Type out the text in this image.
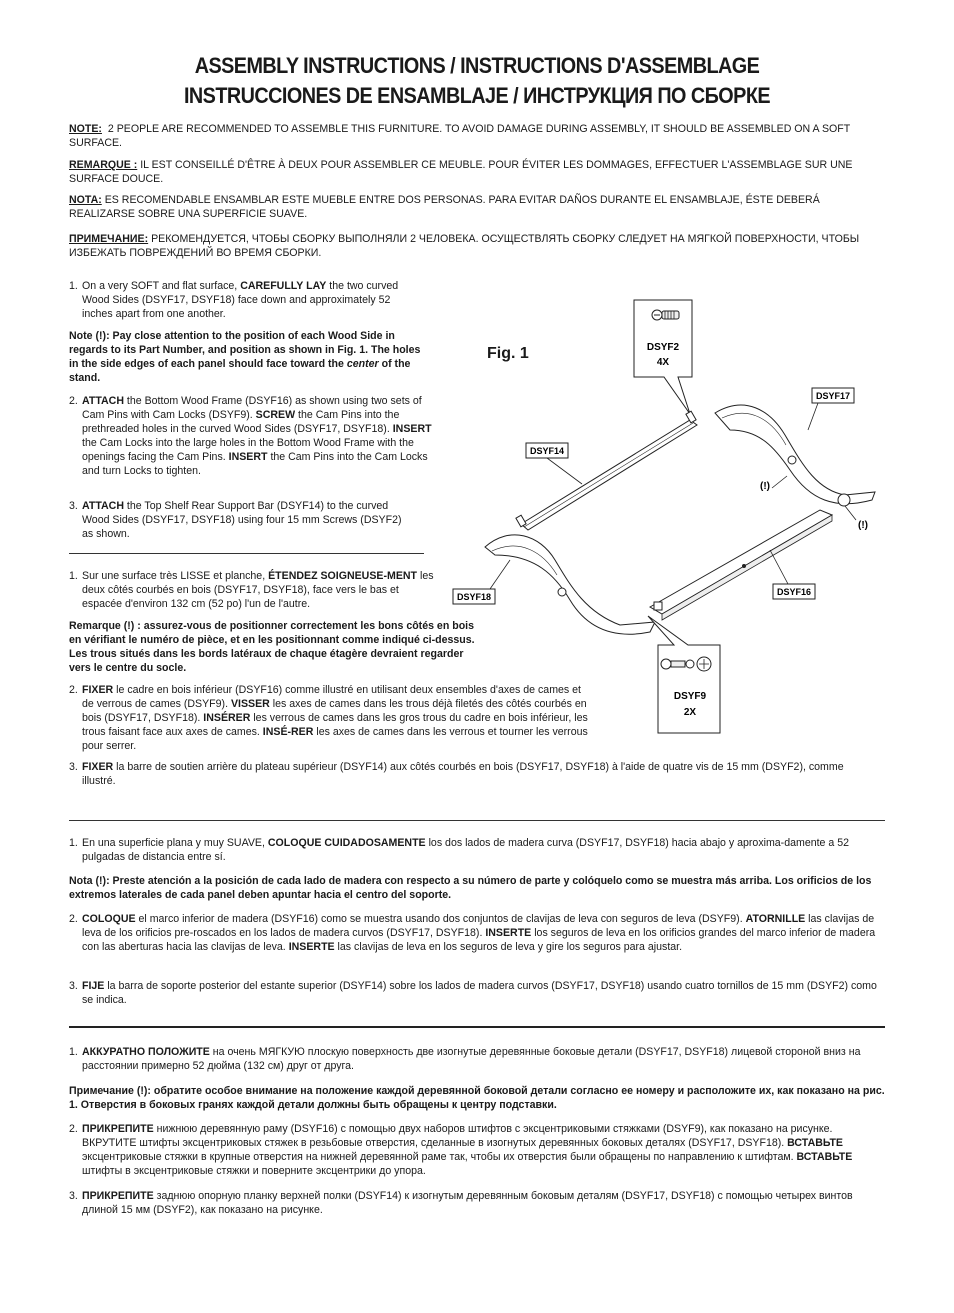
ASSEMBLY INSTRUCTIONS / INSTRUCTIONS D'ASSEMBLAGE
INSTRUCCIONES DE ENSAMBLAJE / ИНСТРУКЦИЯ ПО СБОРКЕ
NOTE: 2 PEOPLE ARE RECOMMENDED TO ASSEMBLE THIS FURNITURE. TO AVOID DAMAGE DURING ASSEMBLY, IT SHOULD BE ASSEMBLED ON A SOFT SURFACE.
REMARQUE : IL EST CONSEILLÉ D'ÊTRE À DEUX POUR ASSEMBLER CE MEUBLE. POUR ÉVITER LES DOMMAGES, EFFECTUER L'ASSEMBLAGE SUR UNE SURFACE DOUCE.
NOTA: ES RECOMENDABLE ENSAMBLAR ESTE MUEBLE ENTRE DOS PERSONAS. PARA EVITAR DAÑOS DURANTE EL ENSAMBLAJE, ÉSTE DEBERÁ REALIZARSE SOBRE UNA SUPERFICIE SUAVE.
ПРИМЕЧАНИЕ: РЕКОМЕНДУЕТСЯ, ЧТОБЫ СБОРКУ ВЫПОЛНЯЛИ 2 ЧЕЛОВЕКА. ОСУЩЕСТВЛЯТЬ СБОРКУ СЛЕДУЕТ НА МЯГКОЙ ПОВЕРХНОСТИ, ЧТОБЫ ИЗБЕЖАТЬ ПОВРЕЖДЕНИЙ ВО ВРЕМЯ СБОРКИ.
1. On a very SOFT and flat surface, CAREFULLY LAY the two curved Wood Sides (DSYF17, DSYF18) face down and approximately 52 inches apart from one another.
Note (!): Pay close attention to the position of each Wood Side in regards to its Part Number, and position as shown in Fig. 1. The holes in the side edges of each panel should face toward the center of the stand.
2. ATTACH the Bottom Wood Frame (DSYF16) as shown using two sets of Cam Pins with Cam Locks (DSYF9). SCREW the Cam Pins into the prethreaded holes in the curved Wood Sides (DSYF17, DSYF18). INSERT the Cam Locks into the large holes in the Bottom Wood Frame with the openings facing the Cam Pins. INSERT the Cam Pins into the Cam Locks and turn Locks to tighten.
3. ATTACH the Top Shelf Rear Support Bar (DSYF14) to the curved Wood Sides (DSYF17, DSYF18) using four 15 mm Screws (DSYF2) as shown.
1. Sur une surface très LISSE et planche, ÉTENDEZ SOIGNEUSE-MENT les deux côtés courbés en bois (DSYF17, DSYF18), face vers le bas et espacée d'environ 132 cm (52 po) l'un de l'autre.
Remarque (!) : assurez-vous de positionner correctement les bons côtés en bois en vérifiant le numéro de pièce, et en les positionnant comme indiqué ci-dessus. Les trous situés dans les bords latéraux de chaque étagère devraient regarder vers le centre du socle.
2. FIXER le cadre en bois inférieur (DSYF16) comme illustré en utilisant deux ensembles d'axes de cames et de verrous de cames (DSYF9). VISSER les axes de cames dans les trous déjà filetés des côtés courbés en bois (DSYF17, DSYF18). INSÉRER les verrous de cames dans les gros trous du cadre en bois inférieur, les trous faisant face aux axes de cames. INSÉ-RER les axes de cames dans les verrous et tourner les verrous pour serrer.
3. FIXER la barre de soutien arrière du plateau supérieur (DSYF14) aux côtés courbés en bois (DSYF17, DSYF18) à l'aide de quatre vis de 15 mm (DSYF2), comme illustré.
1. En una superficie plana y muy SUAVE, COLOQUE CUIDADOSAMENTE los dos lados de madera curva (DSYF17, DSYF18) hacia abajo y aproxima-damente a 52 pulgadas de distancia entre sí.
Nota (!): Preste atención a la posición de cada lado de madera con respecto a su número de parte y colóquelo como se muestra más arriba. Los orificios de los extremos laterales de cada panel deben apuntar hacia el centro del soporte.
2. COLOQUE el marco inferior de madera (DSYF16) como se muestra usando dos conjuntos de clavijas de leva con seguros de leva (DSYF9). ATORNILLE las clavijas de leva de los orificios pre-roscados en los lados de madera curvos (DSYF17, DSYF18). INSERTE los seguros de leva en los orificios grandes del marco inferior de madera con las aberturas hacia las clavijas de leva. INSERTE las clavijas de leva en los seguros de leva y gire los seguros para ajustar.
3. FIJE la barra de soporte posterior del estante superior (DSYF14) sobre los lados de madera curvos (DSYF17, DSYF18) usando cuatro tornillos de 15 mm (DSYF2) como se indica.
1. АККУРАТНО ПОЛОЖИТЕ на очень МЯГКУЮ плоскую поверхность две изогнутые деревянные боковые детали (DSYF17, DSYF18) лицевой стороной вниз на расстоянии примерно 52 дюйма (132 см) друг от друга.
Примечание (!): обратите особое внимание на положение каждой деревянной боковой детали согласно ее номеру и расположите их, как показано на рис. 1. Отверстия в боковых гранях каждой детали должны быть обращены к центру подставки.
2. ПРИКРЕПИТЕ нижнюю деревянную раму (DSYF16) с помощью двух наборов штифтов с эксцентриковыми стяжками (DSYF9), как показано на рисунке. ВКРУТИТЕ штифты эксцентриковых стяжек в резьбовые отверстия, сделанные в изогнутых деревянных боковых деталях (DSYF17, DSYF18). ВСТАВЬТЕ эксцентриковые стяжки в крупные отверстия на нижней деревянной раме так, чтобы их отверстия были обращены по направлению к штифтам. ВСТАВЬТЕ штифты в эксцентриковые стяжки и поверните эксцентрики до упора.
3. ПРИКРЕПИТЕ заднюю опорную планку верхней полки (DSYF14) к изогнутым деревянным боковым деталям (DSYF17, DSYF18) с помощью четырех винтов длиной 15 мм (DSYF2), как показано на рисунке.
Fig. 1	DSYF2
4X
DSYF14
DSYF17
(!)
(!)
DSYF16
DSYF18
DSYF9
2X
